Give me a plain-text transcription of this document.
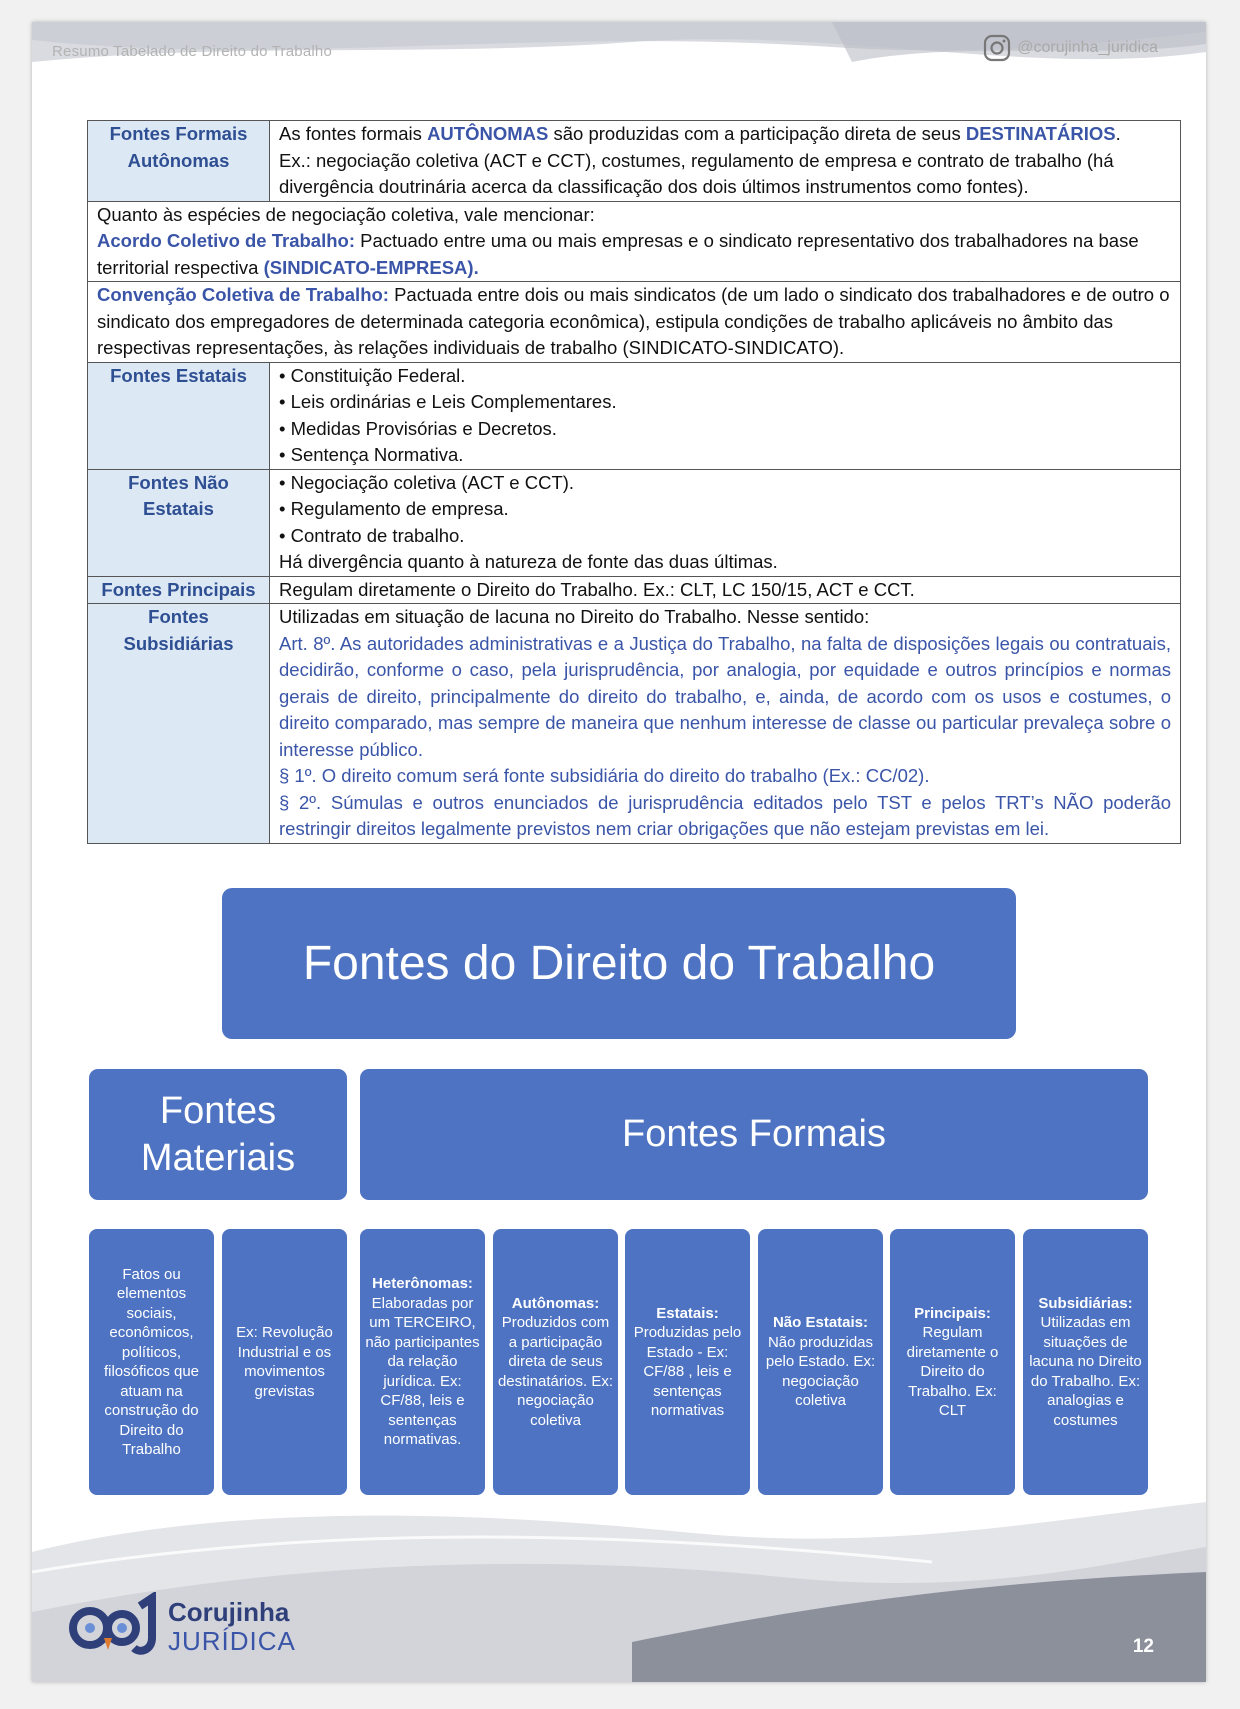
Resumo Tabelado de Direito do Trabalho	@corujinha_juridica
Fontes Formais Autônomas	As fontes formais AUTÔNOMAS são produzidas com a participação direta de seus DESTINATÁRIOS.
Ex.: negociação coletiva (ACT e CCT), costumes, regulamento de empresa e contrato de trabalho (há divergência doutrinária acerca da classificação dos dois últimos instrumentos como fontes).
Quanto às espécies de negociação coletiva, vale mencionar:
Acordo Coletivo de Trabalho: Pactuado entre uma ou mais empresas e o sindicato representativo dos trabalhadores na base territorial respectiva (SINDICATO-EMPRESA).	
Convenção Coletiva de Trabalho: Pactuada entre dois ou mais sindicatos (de um lado o sindicato dos trabalhadores e de outro o sindicato dos empregadores de determinada categoria econômica), estipula condições de trabalho aplicáveis no âmbito das respectivas representações, às relações individuais de trabalho (SINDICATO-SINDICATO).	
Fontes Estatais	• Constituição Federal.
• Leis ordinárias e Leis Complementares.
• Medidas Provisórias e Decretos.
• Sentença Normativa.

Fontes Não Estatais	• Negociação coletiva (ACT e CCT).
• Regulamento de empresa.
• Contrato de trabalho.
Há divergência quanto à natureza de fonte das duas últimas.

Fontes Principais	Regulam diretamente o Direito do Trabalho. Ex.: CLT, LC 150/15, ACT e CCT.
Fontes Subsidiárias	Utilizadas em situação de lacuna no Direito do Trabalho. Nesse sentido:
Art. 8º. As autoridades administrativas e a Justiça do Trabalho, na falta de disposições legais ou contratuais, decidirão, conforme o caso, pela jurisprudência, por analogia, por equidade e outros princípios e normas gerais de direito, principalmente do direito do trabalho, e, ainda, de acordo com os usos e costumes, o direito comparado, mas sempre de maneira que nenhum interesse de classe ou particular prevaleça sobre o interesse público.
§ 1º. O direito comum será fonte subsidiária do direito do trabalho (Ex.: CC/02).
§ 2º. Súmulas e outros enunciados de jurisprudência editados pelo TST e pelos TRT’s NÃO poderão restringir direitos legalmente previstos nem criar obrigações que não estejam previstas em lei.
Fontes do Direito do Trabalho
Fontes Materiais
Fontes Formais
Fatos ou elementos sociais, econômicos, políticos, filosóficos que atuam na construção do Direito do Trabalho
Ex: Revolução Industrial e os movimentos grevistas
Heterônomas:
Elaboradas por um TERCEIRO, não participantes da relação jurídica. Ex: CF/88, leis e sentenças normativas.
Autônomas:
Produzidos com a participação direta de seus destinatários. Ex: negociação coletiva
Estatais:
Produzidas pelo Estado - Ex: CF/88 , leis e sentenças normativas
Não Estatais:
Não produzidas pelo Estado. Ex: negociação coletiva
Principais:
Regulam diretamente o Direito do Trabalho. Ex: CLT
Subsidiárias:
Utilizadas em situações de lacuna no Direito do Trabalho. Ex: analogias e costumes
Corujinha
JURÍDICA	12
